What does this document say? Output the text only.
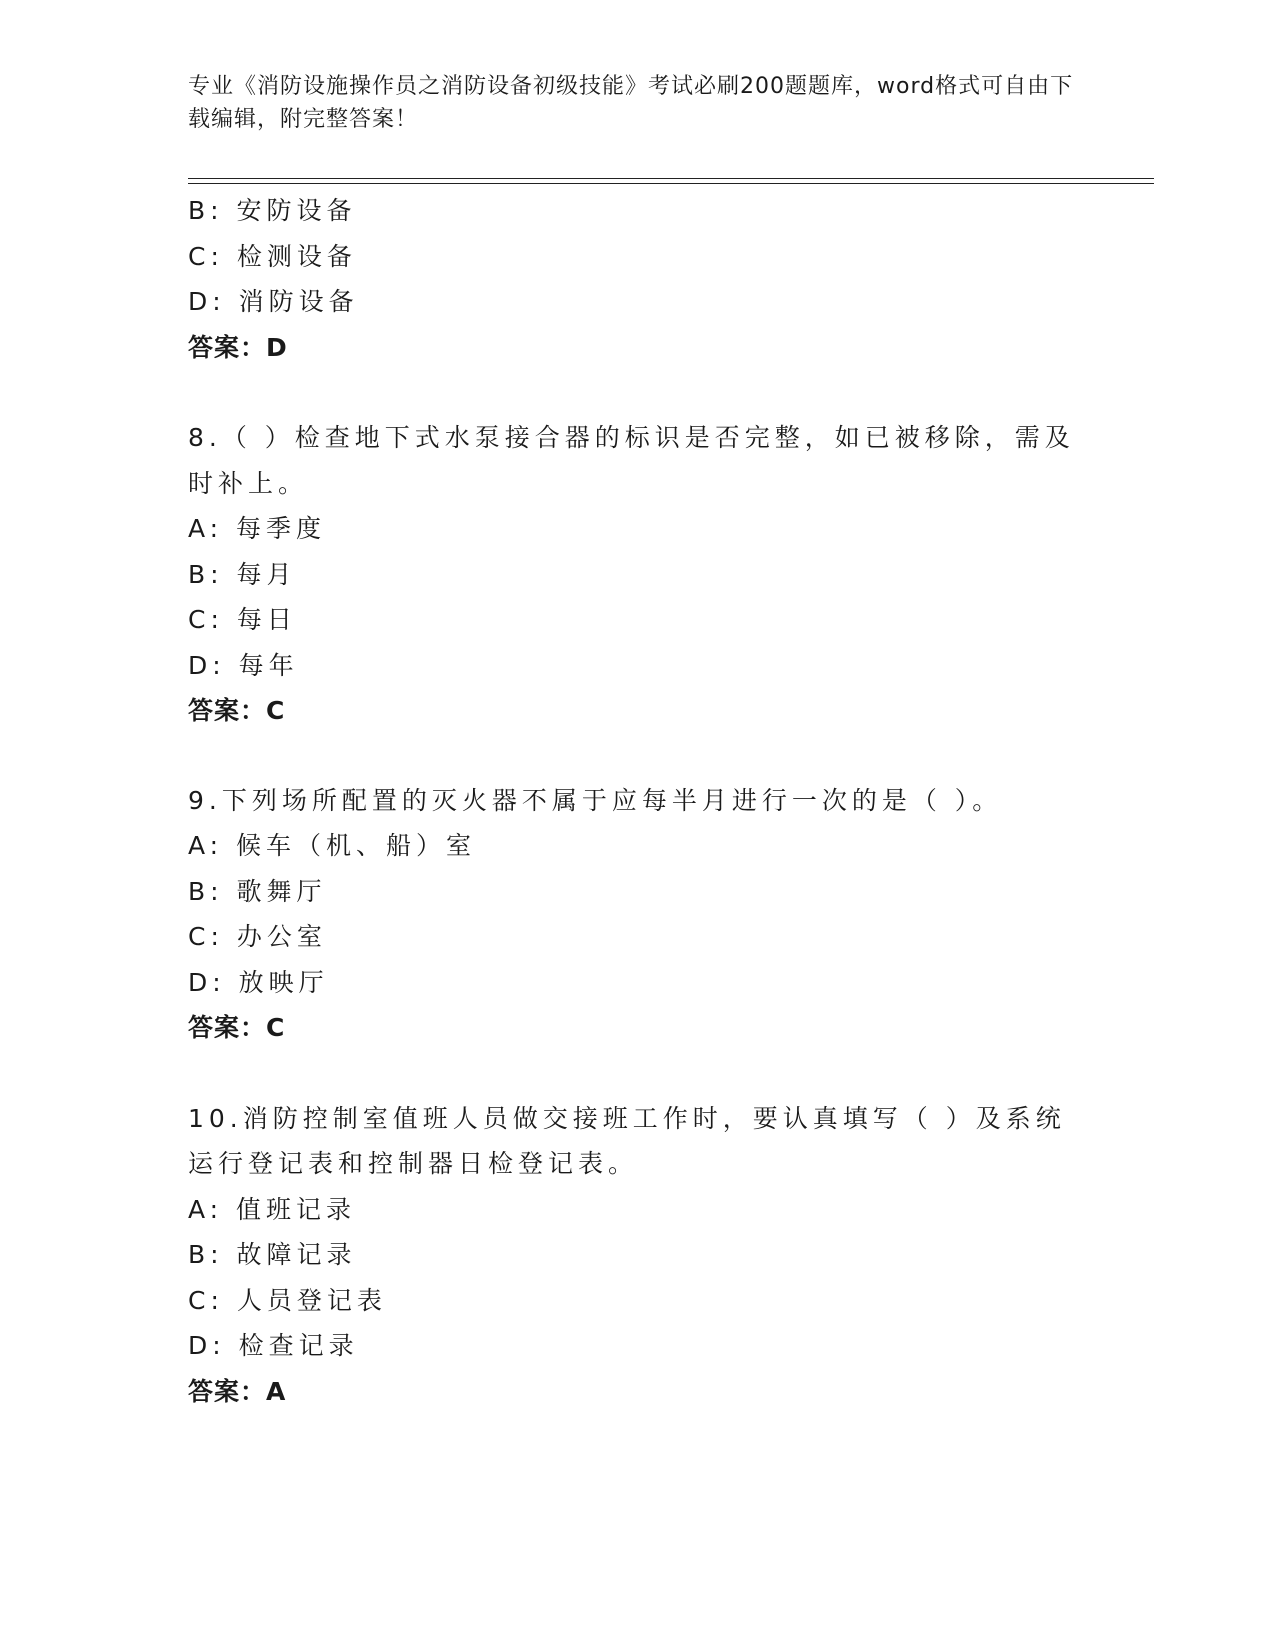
专业《消防设施操作员之消防设备初级技能》考试必刷200题题库，word格式可自由下载编辑，附完整答案！
B: 安防设备
C: 检测设备
D: 消防设备
答案：D
8.（ ）检查地下式水泵接合器的标识是否完整，如已被移除，需及时补上。
A: 每季度
B: 每月
C: 每日
D: 每年
答案：C
9.下列场所配置的灭火器不属于应每半月进行一次的是（ ）。
A: 候车（机、船）室
B: 歌舞厅
C: 办公室
D: 放映厅
答案：C
10.消防控制室值班人员做交接班工作时，要认真填写（ ）及系统运行登记表和控制器日检登记表。
A: 值班记录
B: 故障记录
C: 人员登记表
D: 检查记录
答案：A
